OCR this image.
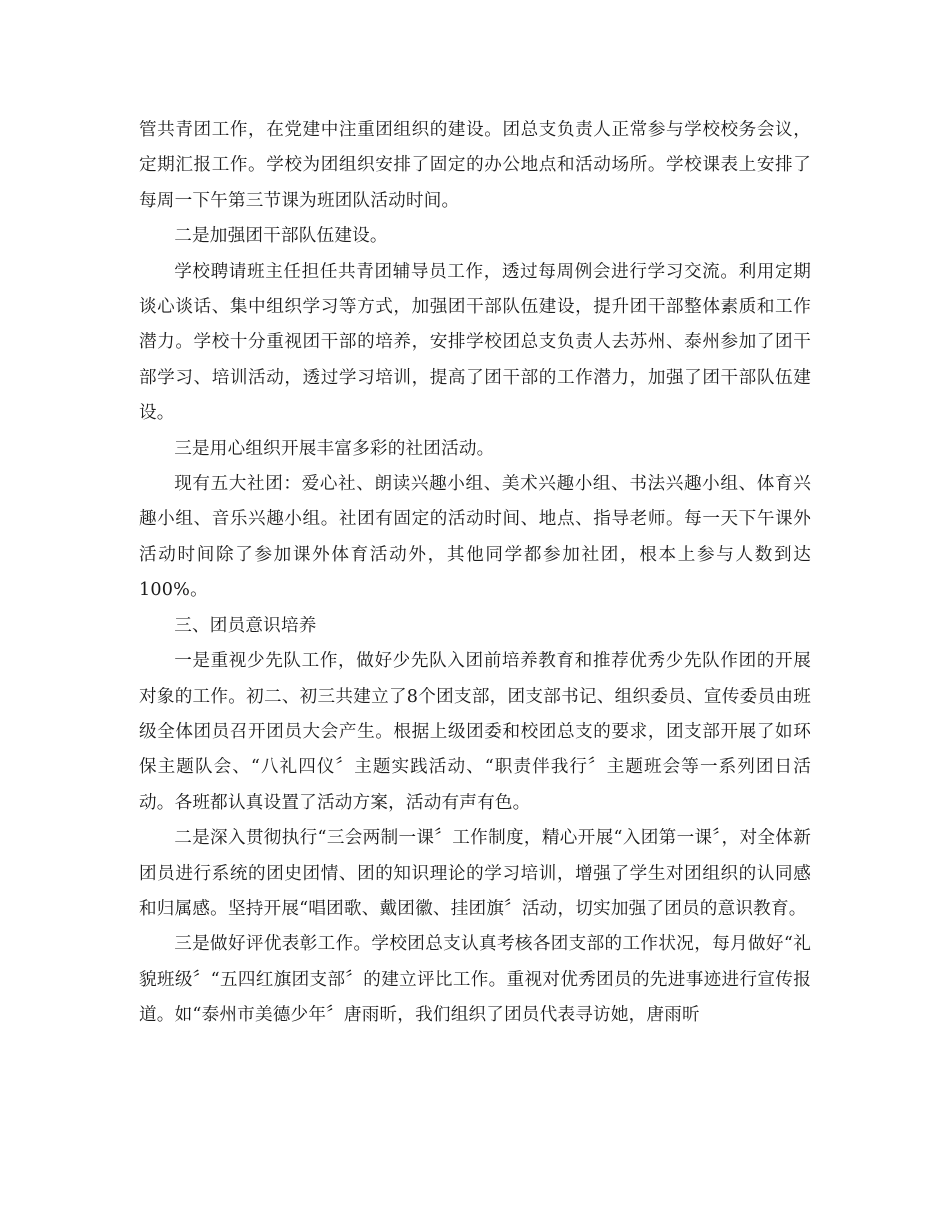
管共青团工作，在党建中注重团组织的建设。团总支负责人正常参与学校校务会议，定期汇报工作。学校为团组织安排了固定的办公地点和活动场所。学校课表上安排了每周一下午第三节课为班团队活动时间。

二是加强团干部队伍建设。

学校聘请班主任担任共青团辅导员工作，透过每周例会进行学习交流。利用定期谈心谈话、集中组织学习等方式，加强团干部队伍建设，提升团干部整体素质和工作潜力。学校十分重视团干部的培养，安排学校团总支负责人去苏州、泰州参加了团干部学习、培训活动，透过学习培训，提高了团干部的工作潜力，加强了团干部队伍建设。

三是用心组织开展丰富多彩的社团活动。

现有五大社团：爱心社、朗读兴趣小组、美术兴趣小组、书法兴趣小组、体育兴趣小组、音乐兴趣小组。社团有固定的活动时间、地点、指导老师。每一天下午课外活动时间除了参加课外体育活动外，其他同学都参加社团，根本上参与人数到达100%。

三、团员意识培养

一是重视少先队工作，做好少先队入团前培养教育和推荐优秀少先队作团的开展对象的工作。初二、初三共建立了8个团支部，团支部书记、组织委员、宣传委员由班级全体团员召开团员大会产生。根据上级团委和校团总支的要求，团支部开展了如环保主题队会、“八礼四仪〞主题实践活动、“职责伴我行〞主题班会等一系列团日活动。各班都认真设置了活动方案，活动有声有色。

二是深入贯彻执行“三会两制一课〞工作制度，精心开展“入团第一课〞，对全体新团员进行系统的团史团情、团的知识理论的学习培训，增强了学生对团组织的认同感和归属感。坚持开展“唱团歌、戴团徽、挂团旗〞活动，切实加强了团员的意识教育。

三是做好评优表彰工作。学校团总支认真考核各团支部的工作状况，每月做好“礼貌班级〞“五四红旗团支部〞的建立评比工作。重视对优秀团员的先进事迹进行宣传报道。如“泰州市美德少年〞唐雨昕，我们组织了团员代表寻访她，唐雨昕
